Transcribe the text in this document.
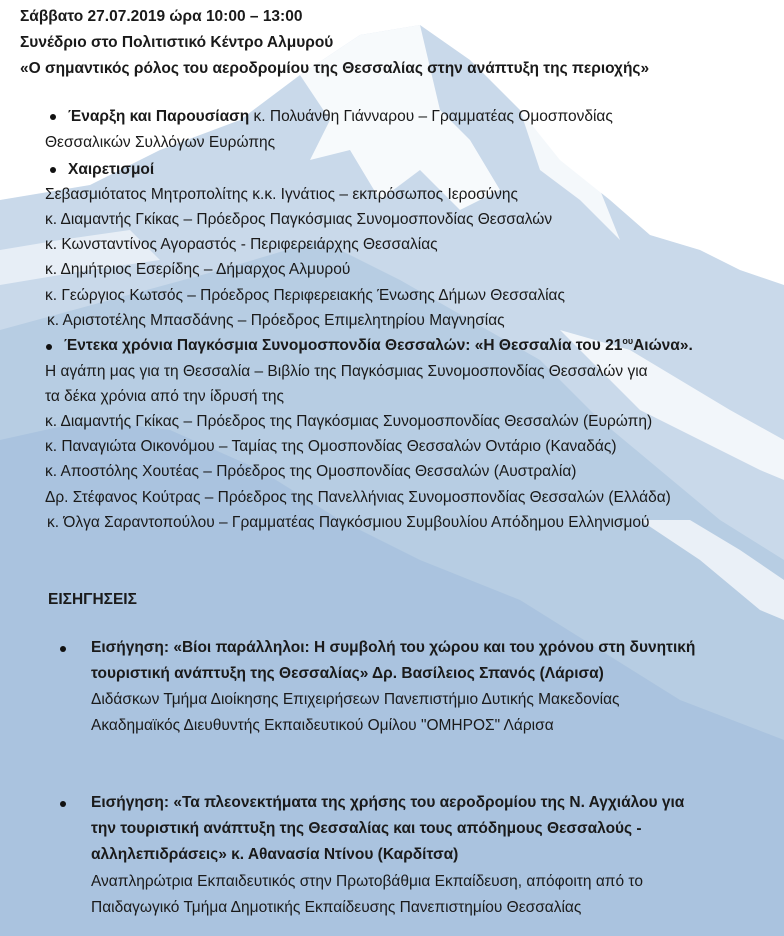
Σάββατο 27.07.2019 ώρα 10:00 – 13:00
Συνέδριο στο Πολιτιστικό Κέντρο Αλμυρού
«Ο σημαντικός ρόλος του αεροδρομίου της Θεσσαλίας στην ανάπτυξη της περιοχής»
Έναρξη και Παρουσίαση κ. Πολυάνθη Γιάνναρου – Γραμματέας Ομοσπονδίας
Θεσσαλικών Συλλόγων Ευρώπης
Χαιρετισμοί
Σεβασμιότατος Μητροπολίτης κ.κ. Ιγνάτιος – εκπρόσωπος Ιεροσύνης
κ. Διαμαντής Γκίκας – Πρόεδρος Παγκόσμιας Συνομοσπονδίας Θεσσαλών
κ. Κωνσταντίνος Αγοραστός - Περιφερειάρχης Θεσσαλίας
κ. Δημήτριος Εσερίδης – Δήμαρχος Αλμυρού
κ. Γεώργιος Κωτσός – Πρόεδρος Περιφερειακής Ένωσης Δήμων Θεσσαλίας
κ. Αριστοτέλης Μπασδάνης – Πρόεδρος Επιμελητηρίου Μαγνησίας
Έντεκα χρόνια Παγκόσμια Συνομοσπονδία Θεσσαλών: «Η Θεσσαλία του $21^{o\upsilon}A\iota ώ\nu\alpha$».
Η αγάπη μας για τη Θεσσαλία – Βιβλίο της Παγκόσμιας Συνομοσπονδίας Θεσσαλών για
τα δέκα χρόνια από την ίδρυσή της
κ. Διαμαντής Γκίκας – Πρόεδρος της Παγκόσμιας Συνομοσπονδίας Θεσσαλών (Ευρώπη)
κ. Παναγιώτα Οικονόμου – Ταμίας της Ομοσπονδίας Θεσσαλών Οντάριο (Καναδάς)
κ. Αποστόλης Χουτέας – Πρόεδρος της Ομοσπονδίας Θεσσαλών (Αυστραλία)
Δρ. Στέφανος Κούτρας – Πρόεδρος της Πανελλήνιας Συνομοσπονδίας Θεσσαλών (Ελλάδα)
κ. Όλγα Σαραντοπούλου – Γραμματέας Παγκόσμιου Συμβουλίου Απόδημου Ελληνισμού
ΕΙΣΗΓΗΣΕΙΣ
Εισήγηση: «Βίοι παράλληλοι: Η συμβολή του χώρου και του χρόνου στη δυνητική
τουριστική ανάπτυξη της Θεσσαλίας» Δρ. Βασίλειος Σπανός (Λάρισα)
Διδάσκων Τμήμα Διοίκησης Επιχειρήσεων Πανεπιστήμιο Δυτικής Μακεδονίας
Ακαδημαϊκός Διευθυντής Εκπαιδευτικού Ομίλου "ΟΜΗΡΟΣ" Λάρισα
Εισήγηση: «Τα πλεονεκτήματα της χρήσης του αεροδρομίου της Ν. Αγχιάλου για
την τουριστική ανάπτυξη της Θεσσαλίας και τους απόδημους Θεσσαλούς -
αλληλεπιδράσεις» κ. Αθανασία Ντίνου (Καρδίτσα)
Αναπληρώτρια Εκπαιδευτικός στην Πρωτοβάθμια Εκπαίδευση, απόφοιτη από το
Παιδαγωγικό Τμήμα Δημοτικής Εκπαίδευσης Πανεπιστημίου Θεσσαλίας
